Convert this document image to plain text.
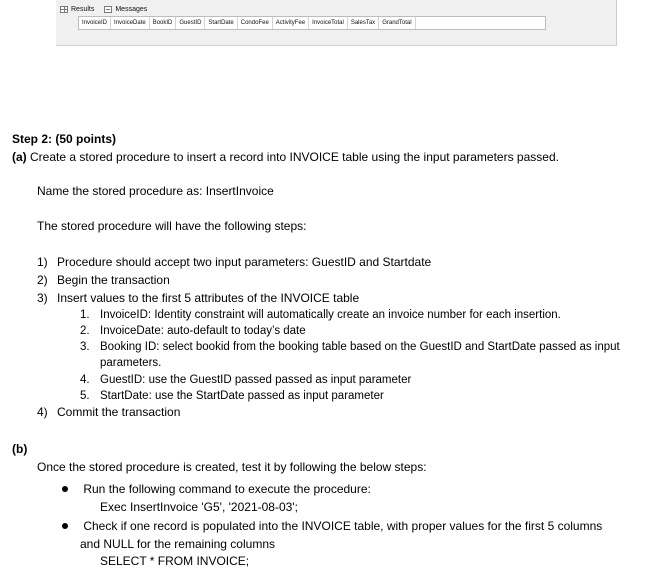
Results	Messages
InvoiceID	InvoiceDate	BookID	GuestID	StartDate	CondoFee	ActivityFee	InvoiceTotal	SalesTax	GrandTotal
Step 2: (50 points)
(a) Create a stored procedure to insert a record into INVOICE table using the input parameters passed.
Name the stored procedure as: InsertInvoice
The stored procedure will have the following steps:
1) Procedure should accept two input parameters: GuestID and Startdate
2) Begin the transaction
3) Insert values to the first 5 attributes of the INVOICE table
1. InvoiceID: Identity constraint will automatically create an invoice number for each insertion.
2. InvoiceDate: auto-default to today’s date
3. Booking ID: select bookid from the booking table based on the GuestID and StartDate passed as input
parameters.
4. GuestID: use the GuestID passed passed as input parameter
5. StartDate: use the StartDate passed as input parameter
4) Commit the transaction
(b)
Once the stored procedure is created, test it by following the below steps:
Run the following command to execute the procedure:
Exec InsertInvoice 'G5', '2021-08-03';
Check if one record is populated into the INVOICE table, with proper values for the first 5 columns
and NULL for the remaining columns
SELECT * FROM INVOICE;
